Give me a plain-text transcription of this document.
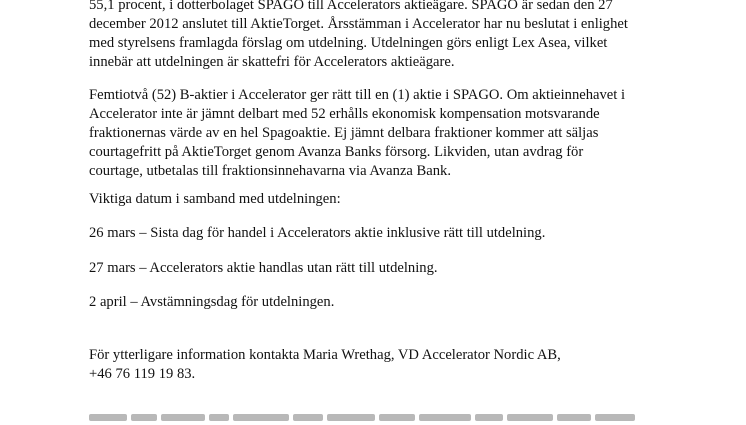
55,1 procent, i dotterbolaget SPAGO till Accelerators aktieägare. SPAGO är sedan den 27
december 2012 anslutet till AktieTorget. Årsstämman i Accelerator har nu beslutat i enlighet
med styrelsens framlagda förslag om utdelning. Utdelningen görs enligt Lex Asea, vilket
innebär att utdelningen är skattefri för Accelerators aktieägare.
Femtiotvå (52) B-aktier i Accelerator ger rätt till en (1) aktie i SPAGO. Om aktieinnehavet i
Accelerator inte är jämnt delbart med 52 erhålls ekonomisk kompensation motsvarande
fraktionernas värde av en hel Spagoaktie. Ej jämnt delbara fraktioner kommer att säljas
courtagefritt på AktieTorget genom Avanza Banks försorg. Likviden, utan avdrag för
courtage, utbetalas till fraktionsinnehavarna via Avanza Bank.
Viktiga datum i samband med utdelningen:
26 mars – Sista dag för handel i Accelerators aktie inklusive rätt till utdelning.
27 mars – Accelerators aktie handlas utan rätt till utdelning.
2 april – Avstämningsdag för utdelningen.
För ytterligare information kontakta Maria Wrethag, VD Accelerator Nordic AB,
+46 76 119 19 83.
